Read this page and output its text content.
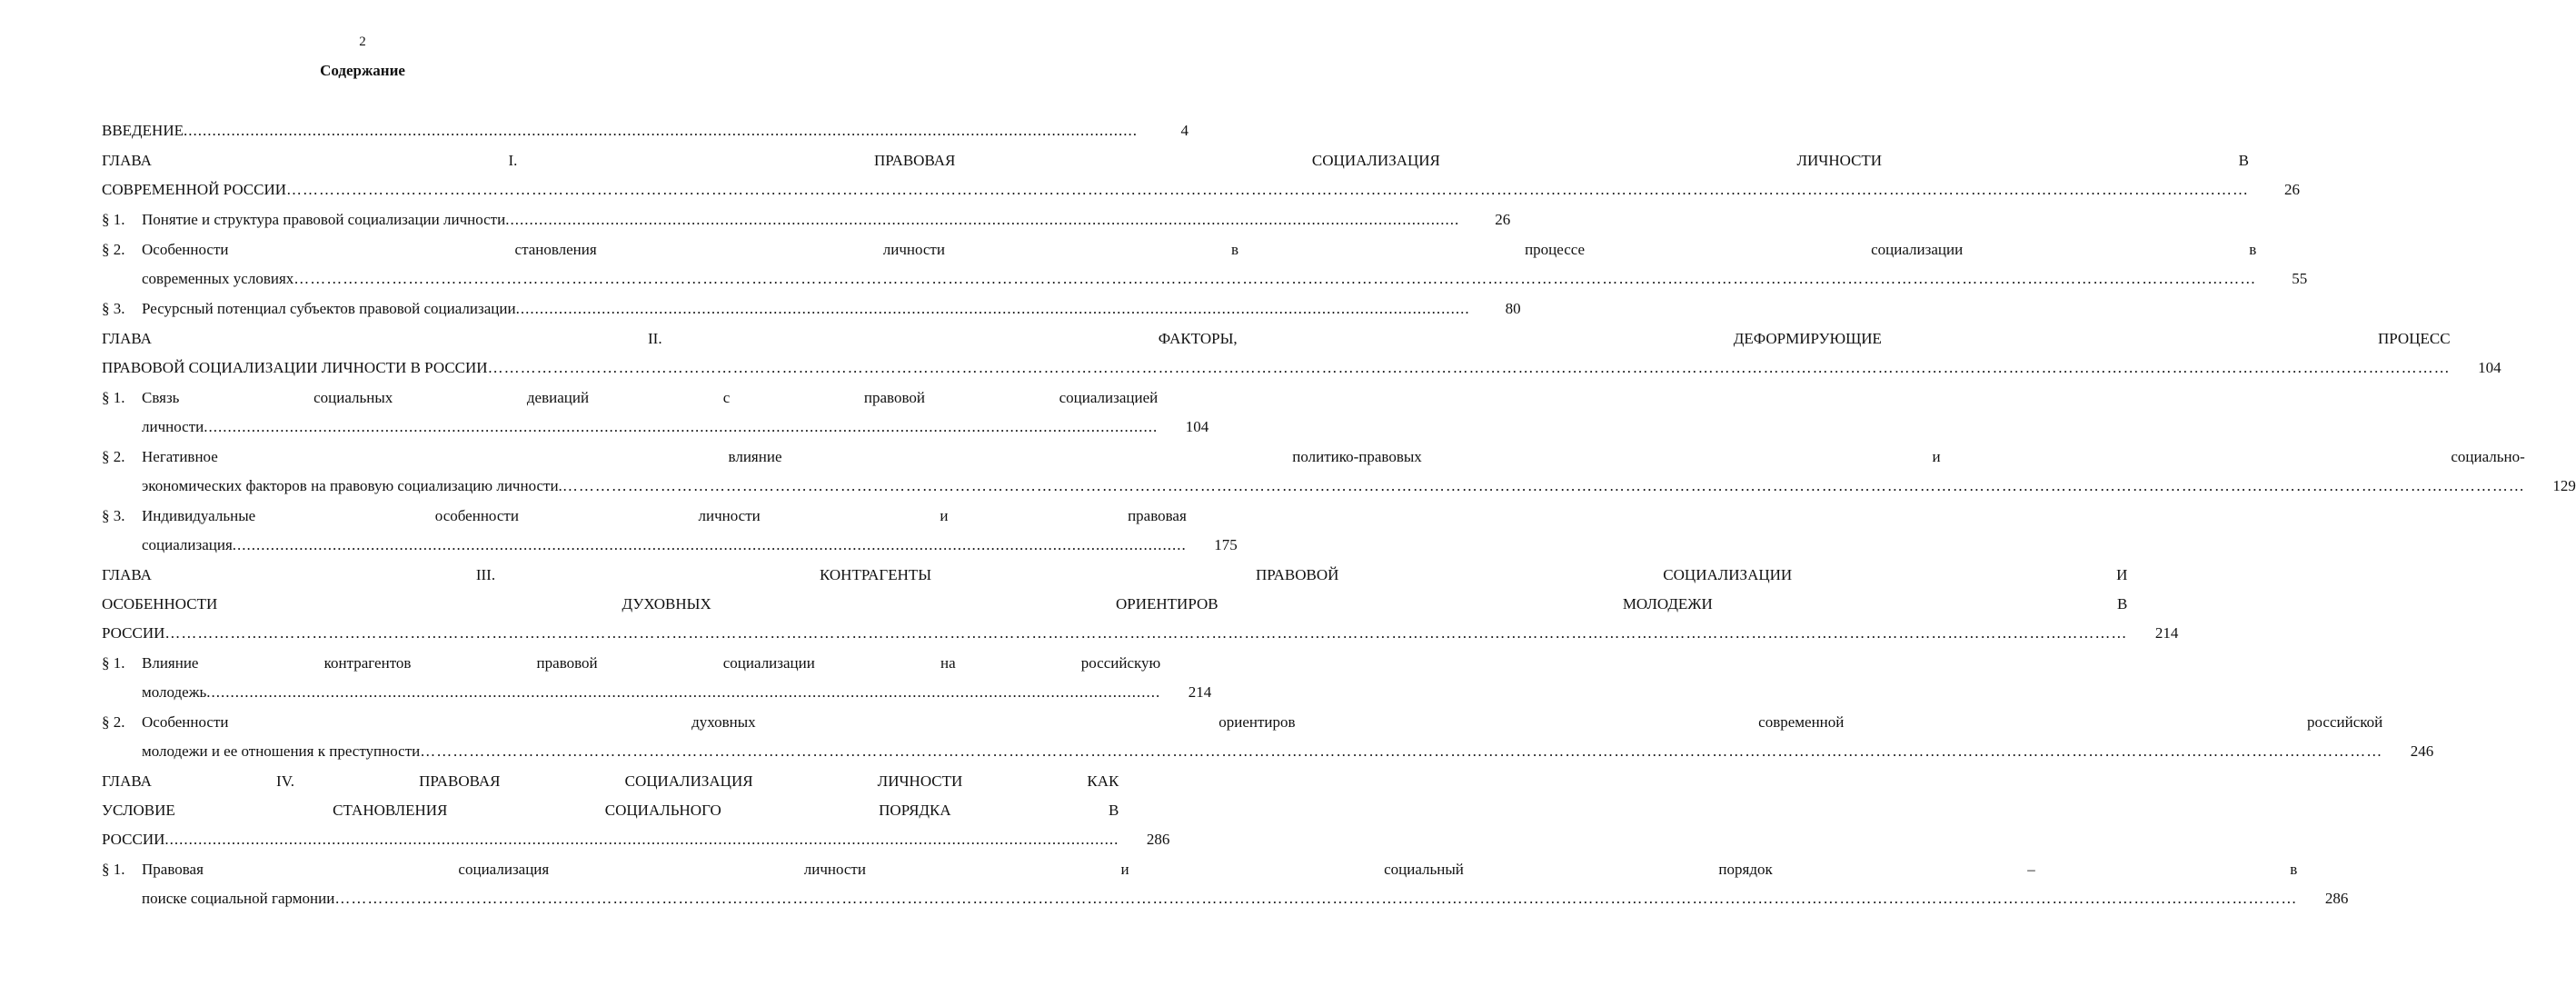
2
Содержание
ВВЕДЕНИЕ ........................................................................................................................................................................................................	4
ГЛАВА I. ПРАВОВАЯ СОЦИАЛИЗАЦИЯ ЛИЧНОСТИ В
СОВРЕМЕННОЙ РОССИИ ………………………………………………………………………………………………………………………………………………………………………………………………………………………………………………………………………………………………………………………………	26
§ 1.	Понятие и структура правовой социализации личности ........................................................................................................................................................................................................	26
§ 2.	Особенности становления личности в процессе социализации в
современных условиях ………………………………………………………………………………………………………………………………………………………………………………………………………………………………………………………………………………………………………………………………	55
§ 3.	Ресурсный потенциал субъектов правовой социализации ........................................................................................................................................................................................................	80
ГЛАВА II. ФАКТОРЫ, ДЕФОРМИРУЮЩИЕ ПРОЦЕСС
ПРАВОВОЙ СОЦИАЛИЗАЦИИ ЛИЧНОСТИ В РОССИИ ………………………………………………………………………………………………………………………………………………………………………………………………………………………………………………………………………………………………………………………………	104
§ 1.	Связь социальных девиаций с правовой социализацией
личности ........................................................................................................................................................................................................	104
§ 2.	Негативное влияние политико-правовых и социально-
экономических факторов на правовую социализацию личности. ………………………………………………………………………………………………………………………………………………………………………………………………………………………………………………………………………………………………………………………………	129
§ 3.	Индивидуальные особенности личности и правовая
социализация ........................................................................................................................................................................................................	175
ГЛАВА III. КОНТРАГЕНТЫ ПРАВОВОЙ СОЦИАЛИЗАЦИИ И
ОСОБЕННОСТИ ДУХОВНЫХ ОРИЕНТИРОВ МОЛОДЕЖИ В
РОССИИ ………………………………………………………………………………………………………………………………………………………………………………………………………………………………………………………………………………………………………………………………	214
§ 1.	Влияние контрагентов правовой социализации на российскую
молодежь ........................................................................................................................................................................................................	214
§ 2.	Особенности духовных ориентиров современной российской
молодежи и ее отношения к преступности ………………………………………………………………………………………………………………………………………………………………………………………………………………………………………………………………………………………………………………………………	246
ГЛАВА IV. ПРАВОВАЯ СОЦИАЛИЗАЦИЯ ЛИЧНОСТИ КАК
УСЛОВИЕ СТАНОВЛЕНИЯ СОЦИАЛЬНОГО ПОРЯДКА В
РОССИИ ........................................................................................................................................................................................................	286
§ 1.	Правовая социализация личности и социальный порядок – в
поиске социальной гармонии ………………………………………………………………………………………………………………………………………………………………………………………………………………………………………………………………………………………………………………………………	286
